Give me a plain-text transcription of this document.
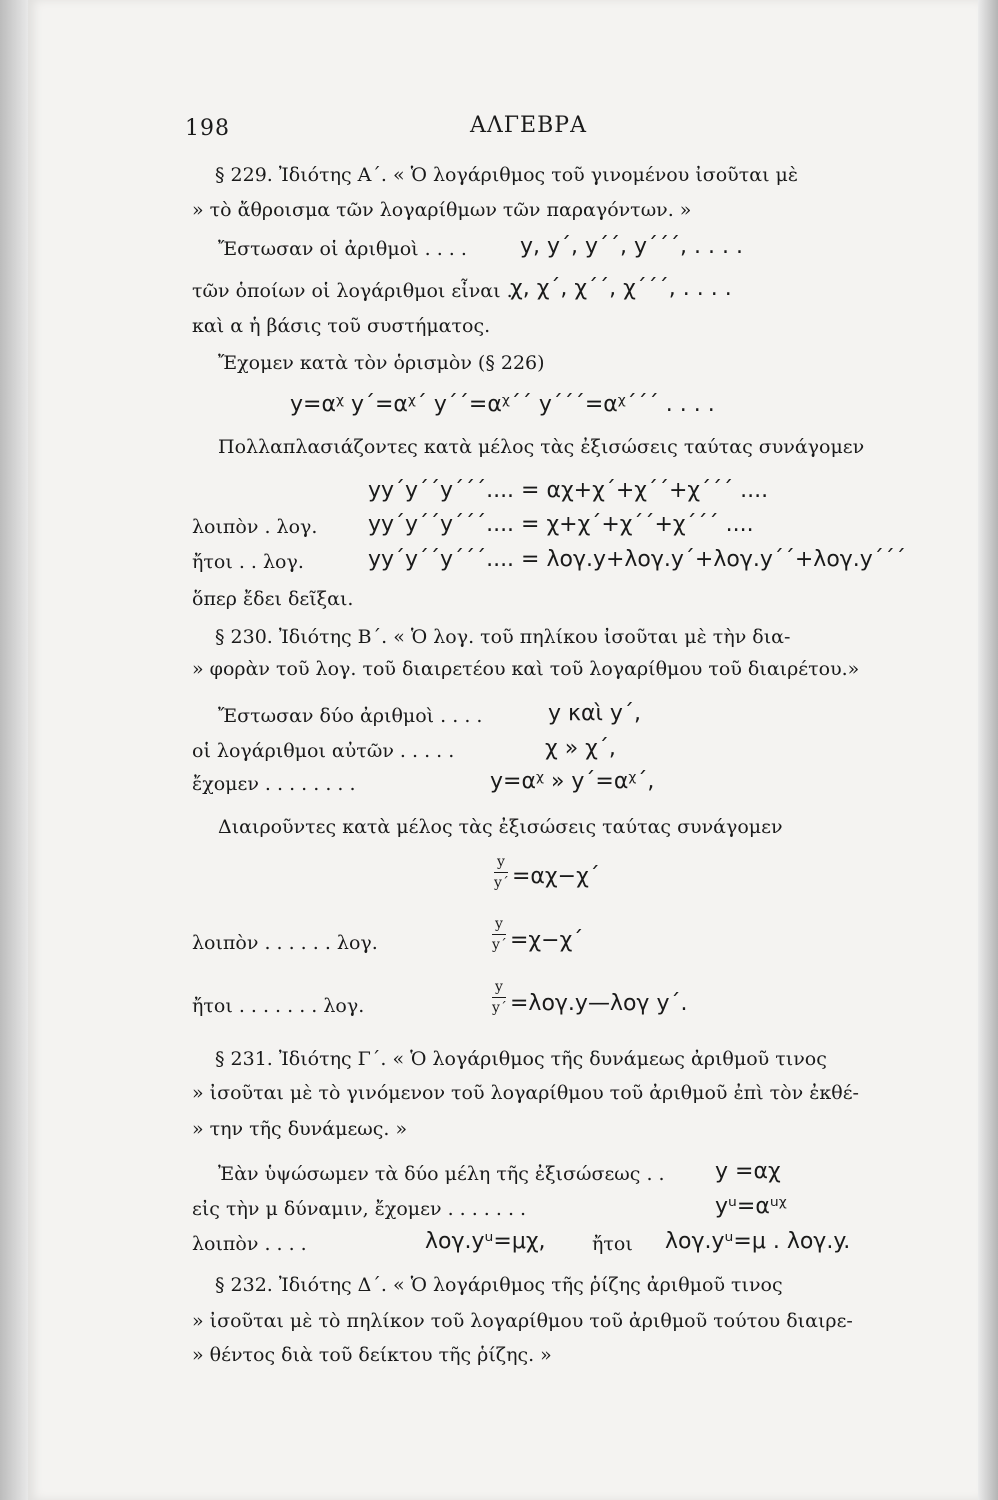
198	ΑΛΓΕΒΡΑ
§ 229. Ἰδιότης Α΄. « Ὁ λογάριθμος τοῦ γινομένου ἰσοῦται μὲ
» τὸ ἄθροισμα τῶν λογαρίθμων τῶν παραγόντων. »
Ἔστωσαν οἱ ἀριθμοὶ . . . . y, y΄, y΄΄, y΄΄΄, . . . .
τῶν ὁποίων οἱ λογάριθμοι εἶναι .
χ, χ΄, χ΄΄, χ΄΄΄, . . . .
καὶ α ἡ βάσις τοῦ συστήματος.
Ἔχομεν κατὰ τὸν ὁρισμὸν (§ 226)
y=αᵡ y΄=αᵡ΄ y΄΄=αᵡ΄΄ y΄΄΄=αᵡ΄΄΄ . . . .
Πολλαπλασιάζοντες κατὰ μέλος τὰς ἐξισώσεις ταύτας συνάγομεν
yy΄y΄΄y΄΄΄.... = αχ+χ΄+χ΄΄+χ΄΄΄ ....
λοιπὸν . λογ. yy΄y΄΄y΄΄΄.... = χ+χ΄+χ΄΄+χ΄΄΄ ....
ἤτοι . . λογ.	yy΄y΄΄y΄΄΄.... = λογ.y+λογ.y΄+λογ.y΄΄+λογ.y΄΄΄
ὅπερ ἔδει δεῖξαι.
§ 230. Ἰδιότης Β΄. « Ὁ λογ. τοῦ πηλίκου ἰσοῦται μὲ τὴν δια-
» φορὰν τοῦ λογ. τοῦ διαιρετέου καὶ τοῦ λογαρίθμου τοῦ διαιρέτου.»
Ἔστωσαν δύο ἀριθμοὶ . . . .	y καὶ y΄,
οἱ λογάριθμοι αὐτῶν . . . . .	χ » χ΄,
ἔχομεν . . . . . . . .	y=αᵡ » y΄=αᵡ΄,
Διαιροῦντες κατὰ μέλος τὰς ἐξισώσεις ταύτας συνάγομεν
y
y΄ =αχ−χ΄
λοιπὸν . . . . . . λογ.
y
y΄ =χ−χ΄
ἤτοι . . . . . . . λογ.
y
y΄ =λογ.y—λογ y΄.
§ 231. Ἰδιότης Γ΄. « Ὁ λογάριθμος τῆς δυνάμεως ἀριθμοῦ τινος
» ἰσοῦται μὲ τὸ γινόμενον τοῦ λογαρίθμου τοῦ ἀριθμοῦ ἐπὶ τὸν ἐκθέ-
» την τῆς δυνάμεως. »
Ἐὰν ὑψώσωμεν τὰ δύο μέλη τῆς ἐξισώσεως . . y =αχ
εἰς τὴν μ δύναμιν, ἔχομεν . . . . . . .	yᵘ=αᵘᵡ
λοιπὸν . . . .	λογ.yᵘ=μχ, ἤτοι λογ.yᵘ=μ . λογ.y.
§ 232. Ἰδιότης Δ΄. « Ὁ λογάριθμος τῆς ῥίζης ἀριθμοῦ τινος
» ἰσοῦται μὲ τὸ πηλίκον τοῦ λογαρίθμου τοῦ ἀριθμοῦ τούτου διαιρε-
» θέντος διὰ τοῦ δείκτου τῆς ῥίζης. »
